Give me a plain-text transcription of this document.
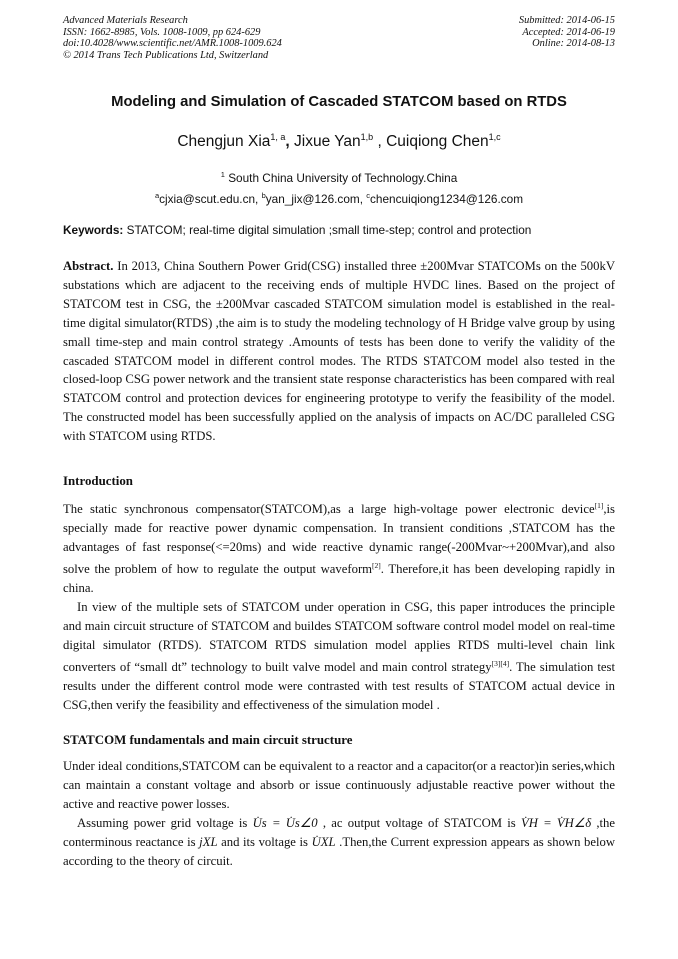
Advanced Materials Research
ISSN: 1662-8985, Vols. 1008-1009, pp 624-629
doi:10.4028/www.scientific.net/AMR.1008-1009.624
© 2014 Trans Tech Publications Ltd, Switzerland
Submitted: 2014-06-15
Accepted: 2014-06-19
Online: 2014-08-13
Modeling and Simulation of Cascaded STATCOM based on RTDS
Chengjun Xia$^{1, a}$, Jixue Yan$^{1,b}$ , Cuiqiong Chen$^{1,c}$
$^1$ South China University of Technology.China
$^a$cjxia@scut.edu.cn, $^b$yan_jix@126.com, $^c$chencuiqiong1234@126.com
Keywords: STATCOM; real-time digital simulation ;small time-step; control and protection

Abstract. In 2013, China Southern Power Grid(CSG) installed three ±200Mvar STATCOMs on the 500kV substations which are adjacent to the receiving ends of multiple HVDC lines. Based on the project of STATCOM test in CSG, the ±200Mvar cascaded STATCOM simulation model is established in the real-time digital simulator(RTDS) ,the aim is to study the modeling technology of H Bridge valve group by using small time-step and main control strategy .Amounts of tests has been done to verify the validity of the cascaded STATCOM model in different control modes. The RTDS STATCOM model also tested in the closed-loop CSG power network and the transient state response characteristics has been compared with real STATCOM control and protection devices for engineering prototype to verify the feasibility of the model. The constructed model has been successfully applied on the analysis of impacts on AC/DC paralleled CSG with STATCOM using RTDS.

Introduction

The static synchronous compensator(STATCOM),as a large high-voltage power electronic device[1],is specially made for reactive power dynamic compensation. In transient conditions ,STATCOM has the advantages of fast response(<=20ms) and wide reactive dynamic range(-200Mvar~+200Mvar),and also solve the problem of how to regulate the output waveform[2]. Therefore,it has been developing rapidly in china.

In view of the multiple sets of STATCOM under operation in CSG, this paper introduces the principle and main circuit structure of STATCOM and buildes STATCOM software control model model on real-time digital simulator (RTDS). STATCOM RTDS simulation model applies RTDS multi-level chain link converters of “small dt” technology to built valve model and main control strategy[3][4]. The simulation test results under the different control mode were contrasted with test results of STATCOM actual device in CSG,then verify the feasibility and effectiveness of the simulation model .

STATCOM fundamentals and main circuit structure

Under ideal conditions,STATCOM can be equivalent to a reactor and a capacitor(or a reactor)in series,which can maintain a constant voltage and absorb or issue continuously adjustable reactive power without the active and reactive power losses.

Assuming power grid voltage is U̇s = U̇s∠0 , ac output voltage of STATCOM is V̇H = V̇H∠δ ,the conterminous reactance is jXL and its voltage is U̇XL .Then,the Current expression appears as shown below according to the theory of circuit.
